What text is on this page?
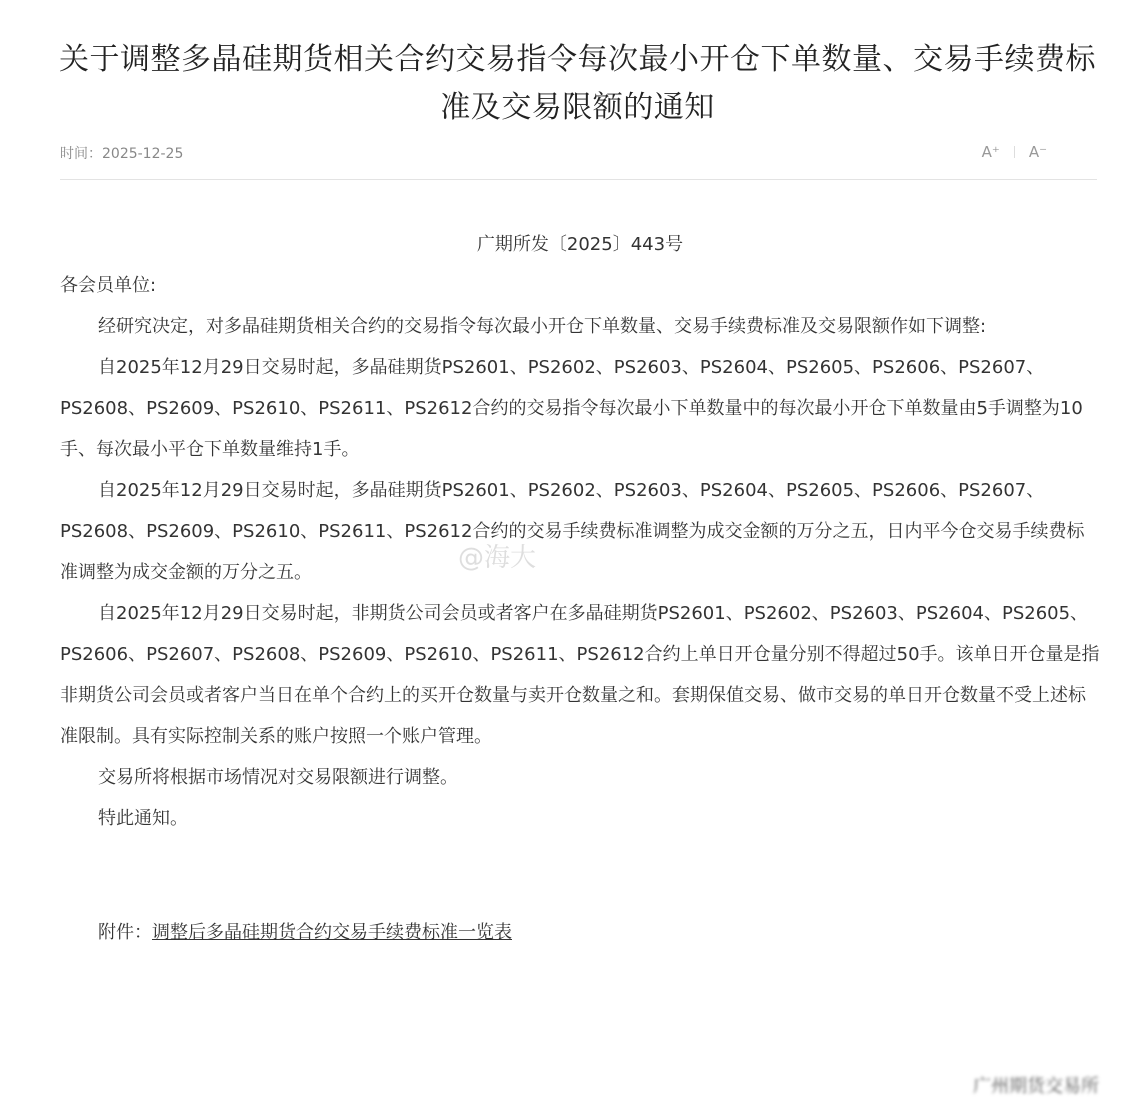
关于调整多晶硅期货相关合约交易指令每次最小开仓下单数量、交易手续费标准及交易限额的通知
时间：2025-12-25	A⁺ A⁻

广期所发〔2025〕443号

各会员单位:

经研究决定，对多晶硅期货相关合约的交易指令每次最小开仓下单数量、交易手续费标准及交易限额作如下调整:

自2025年12月29日交易时起，多晶硅期货PS2601、PS2602、PS2603、PS2604、PS2605、PS2606、PS2607、PS2608、PS2609、PS2610、PS2611、PS2612合约的交易指令每次最小下单数量中的每次最小开仓下单数量由5手调整为10手、每次最小平仓下单数量维持1手。

自2025年12月29日交易时起，多晶硅期货PS2601、PS2602、PS2603、PS2604、PS2605、PS2606、PS2607、PS2608、PS2609、PS2610、PS2611、PS2612合约的交易手续费标准调整为成交金额的万分之五，日内平今仓交易手续费标准调整为成交金额的万分之五。

自2025年12月29日交易时起，非期货公司会员或者客户在多晶硅期货PS2601、PS2602、PS2603、PS2604、PS2605、PS2606、PS2607、PS2608、PS2609、PS2610、PS2611、PS2612合约上单日开仓量分别不得超过50手。该单日开仓量是指非期货公司会员或者客户当日在单个合约上的买开仓数量与卖开仓数量之和。套期保值交易、做市交易的单日开仓数量不受上述标准限制。具有实际控制关系的账户按照一个账户管理。

交易所将根据市场情况对交易限额进行调整。

特此通知。

附件：调整后多晶硅期货合约交易手续费标准一览表

@海大
广州期货交易所
